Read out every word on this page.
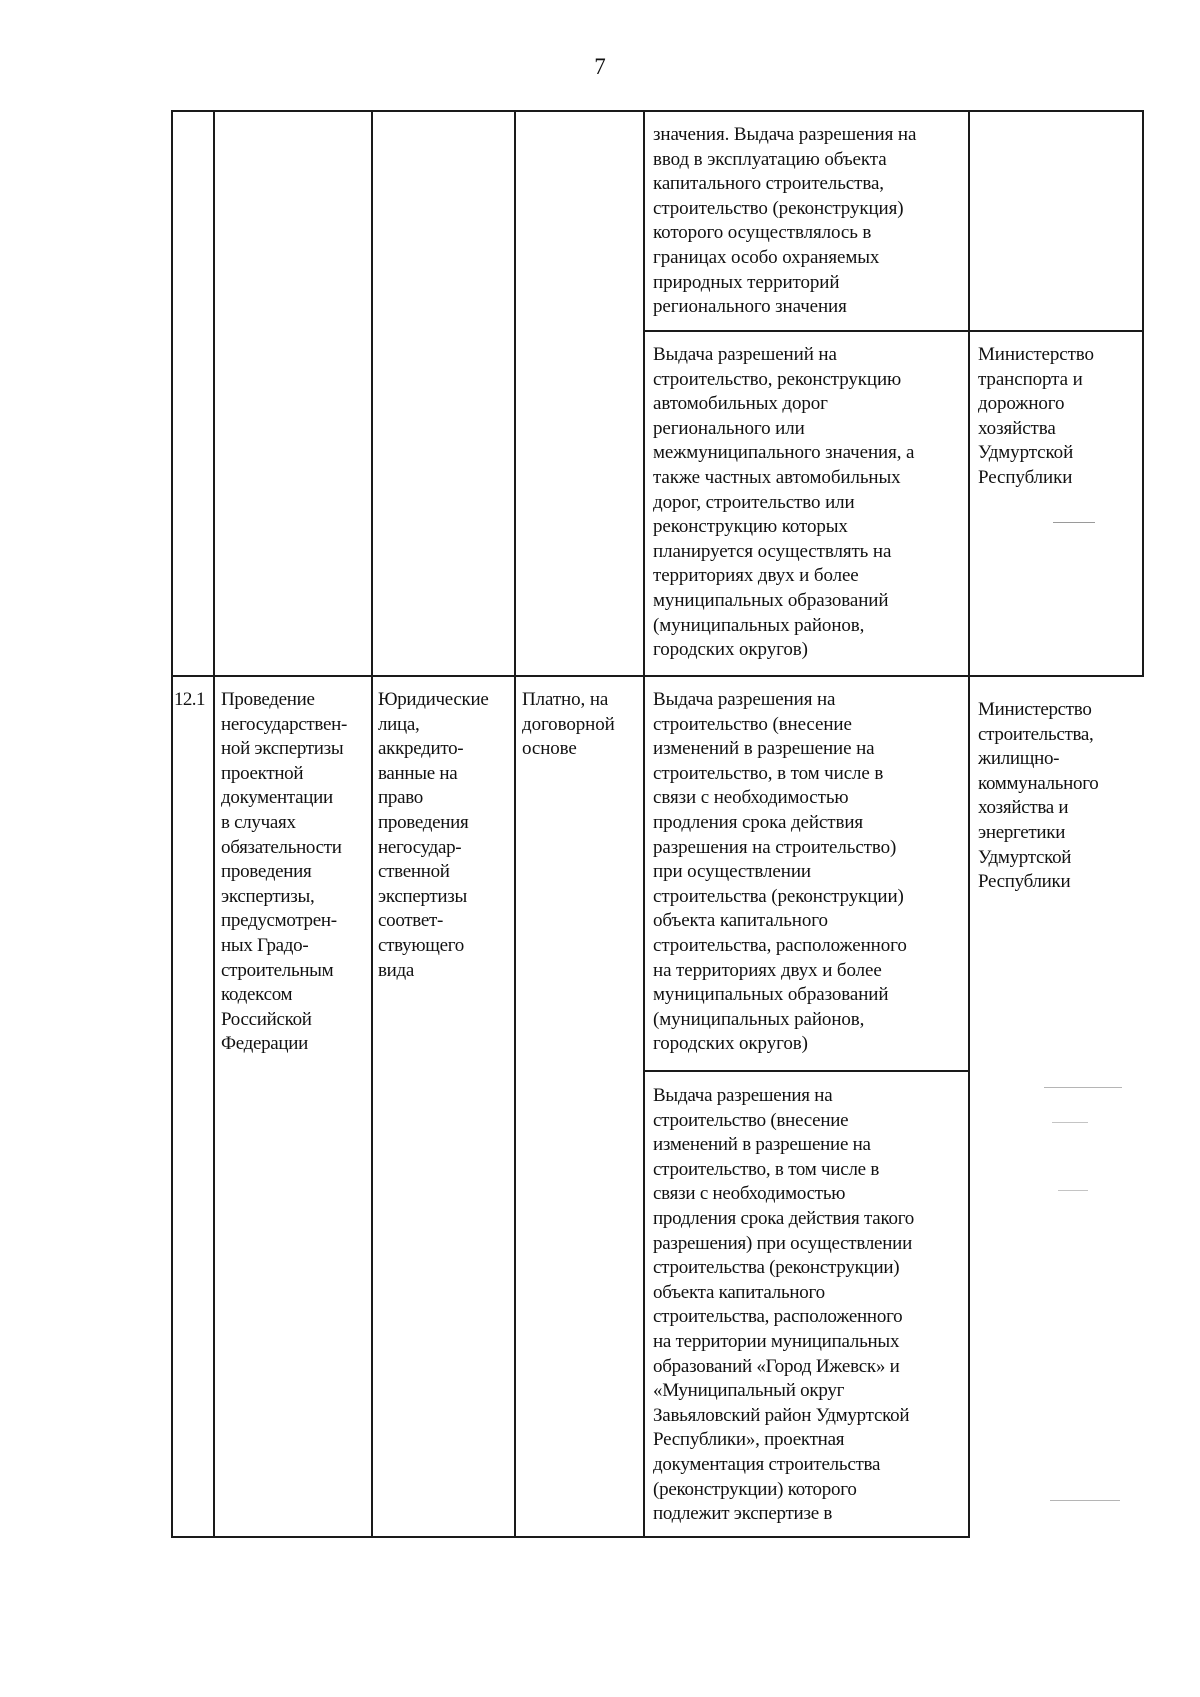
7
значения. Выдача разрешения на
ввод в эксплуатацию объекта
капитального строительства,
строительство (реконструкция)
которого осуществлялось в
границах особо охраняемых
природных территорий
регионального значения
Выдача разрешений на
строительство, реконструкцию
автомобильных дорог
регионального или
межмуниципального значения, а
также частных автомобильных
дорог, строительство или
реконструкцию которых
планируется осуществлять на
территориях двух и более
муниципальных образований
(муниципальных районов,
городских округов)
Министерство
транспорта и
дорожного
хозяйства
Удмуртской
Республики
12.1 Проведение
негосударствен-
ной экспертизы
проектной
документации
в случаях
обязательности
проведения
экспертизы,
предусмотрен-
ных Градо-
строительным
кодексом
Российской
Федерации
Юридические
лица,
аккредито-
ванные на
право
проведения
негосудар-
ственной
экспертизы
соответ-
ствующего
вида
Платно, на
договорной
основе
Выдача разрешения на
строительство (внесение
изменений в разрешение на
строительство, в том числе в
связи с необходимостью
продления срока действия
разрешения на строительство)
при осуществлении
строительства (реконструкции)
объекта капитального
строительства, расположенного
на территориях двух и более
муниципальных образований
(муниципальных районов,
городских округов)
Министерство
строительства,
жилищно-
коммунального
хозяйства и
энергетики
Удмуртской
Республики
Выдача разрешения на
строительство (внесение
изменений в разрешение на
строительство, в том числе в
связи с необходимостью
продления срока действия такого
разрешения) при осуществлении
строительства (реконструкции)
объекта капитального
строительства, расположенного
на территории муниципальных
образований «Город Ижевск» и
«Муниципальный округ
Завьяловский район Удмуртской
Республики», проектная
документация строительства
(реконструкции) которого
подлежит экспертизе в
